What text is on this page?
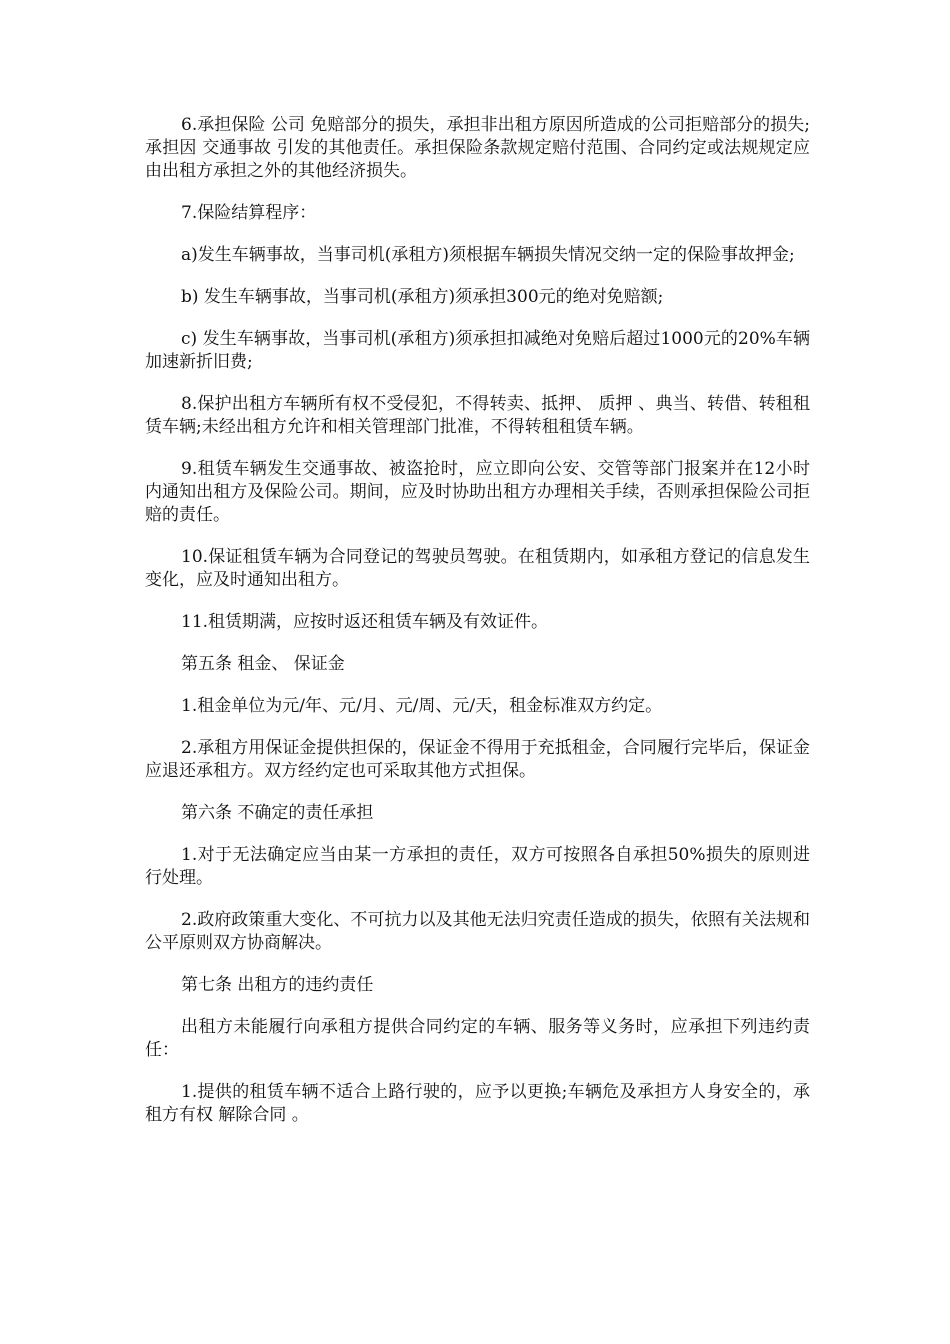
6.承担保险 公司 免赔部分的损失，承担非出租方原因所造成的公司拒赔部分的损失;承担因 交通事故 引发的其他责任。承担保险条款规定赔付范围、合同约定或法规规定应由出租方承担之外的其他经济损失。

7.保险结算程序：

a)发生车辆事故，当事司机(承租方)须根据车辆损失情况交纳一定的保险事故押金;

b) 发生车辆事故，当事司机(承租方)须承担300元的绝对免赔额;

c) 发生车辆事故，当事司机(承租方)须承担扣减绝对免赔后超过1000元的20%车辆加速新折旧费;

8.保护出租方车辆所有权不受侵犯，不得转卖、抵押、 质押 、典当、转借、转租租赁车辆;未经出租方允许和相关管理部门批准，不得转租租赁车辆。

9.租赁车辆发生交通事故、被盗抢时，应立即向公安、交管等部门报案并在12小时内通知出租方及保险公司。期间，应及时协助出租方办理相关手续，否则承担保险公司拒赔的责任。

10.保证租赁车辆为合同登记的驾驶员驾驶。在租赁期内，如承租方登记的信息发生变化，应及时通知出租方。

11.租赁期满，应按时返还租赁车辆及有效证件。

第五条 租金、 保证金

1.租金单位为元/年、元/月、元/周、元/天，租金标准双方约定。

2.承租方用保证金提供担保的，保证金不得用于充抵租金，合同履行完毕后，保证金应退还承租方。双方经约定也可采取其他方式担保。

第六条 不确定的责任承担

1.对于无法确定应当由某一方承担的责任，双方可按照各自承担50%损失的原则进行处理。

2.政府政策重大变化、不可抗力以及其他无法归究责任造成的损失，依照有关法规和公平原则双方协商解决。

第七条 出租方的违约责任

出租方未能履行向承租方提供合同约定的车辆、服务等义务时，应承担下列违约责任：

1.提供的租赁车辆不适合上路行驶的，应予以更换;车辆危及承担方人身安全的，承租方有权 解除合同 。
